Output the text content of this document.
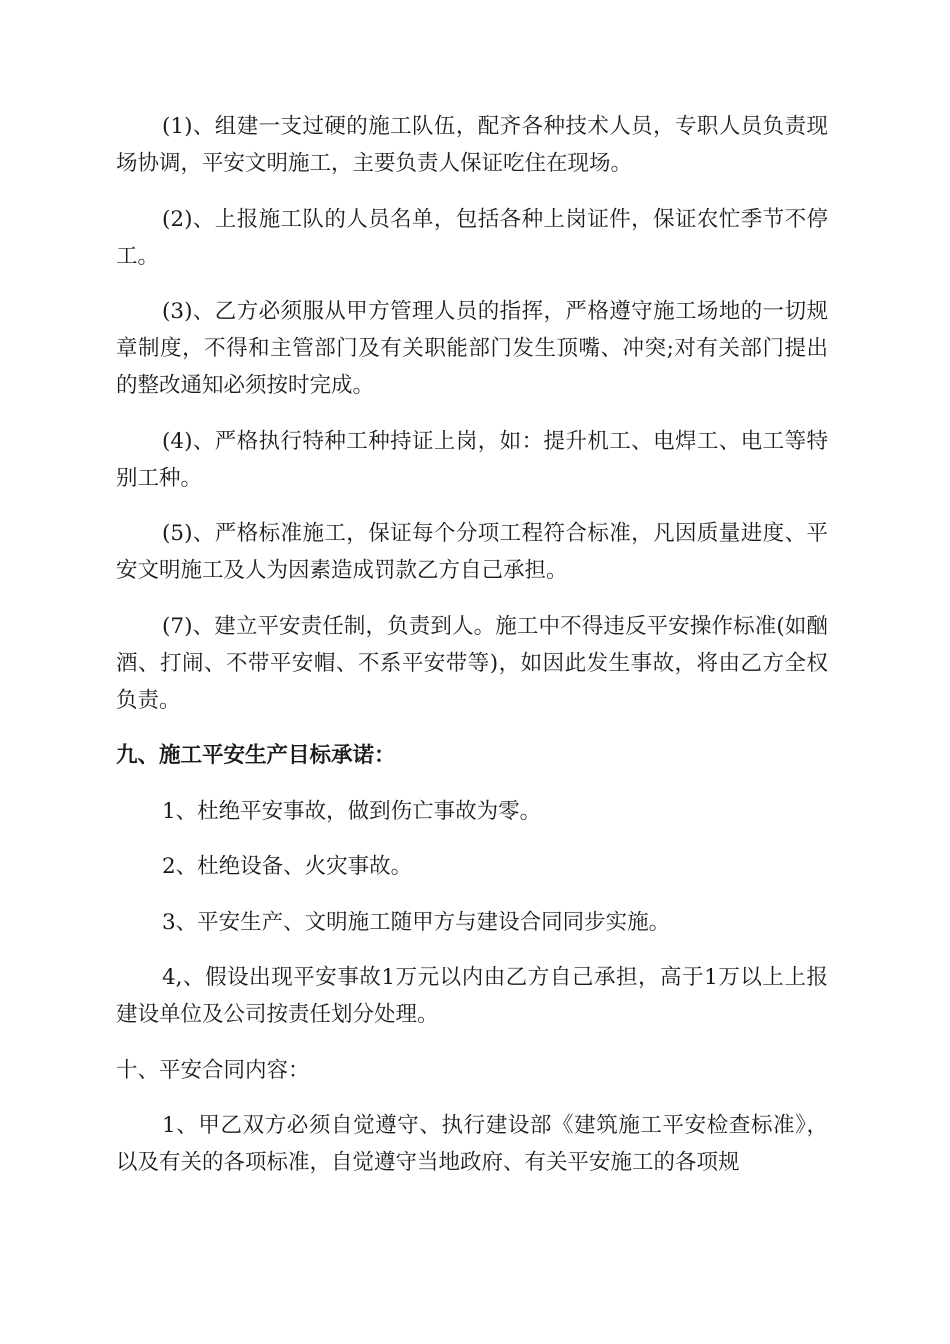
(1)、组建一支过硬的施工队伍，配齐各种技术人员，专职人员负责现场协调，平安文明施工，主要负责人保证吃住在现场。

(2)、上报施工队的人员名单，包括各种上岗证件，保证农忙季节不停工。

(3)、乙方必须服从甲方管理人员的指挥，严格遵守施工场地的一切规章制度，不得和主管部门及有关职能部门发生顶嘴、冲突;对有关部门提出的整改通知必须按时完成。

(4)、严格执行特种工种持证上岗，如：提升机工、电焊工、电工等特别工种。

(5)、严格标准施工，保证每个分项工程符合标准，凡因质量进度、平安文明施工及人为因素造成罚款乙方自己承担。

(7)、建立平安责任制，负责到人。施工中不得违反平安操作标准(如酗酒、打闹、不带平安帽、不系平安带等)，如因此发生事故，将由乙方全权负责。

九、施工平安生产目标承诺：

1、杜绝平安事故，做到伤亡事故为零。

2、杜绝设备、火灾事故。

3、平安生产、文明施工随甲方与建设合同同步实施。

4,、假设出现平安事故1万元以内由乙方自己承担，高于1万以上上报建设单位及公司按责任划分处理。

十、平安合同内容：

1、甲乙双方必须自觉遵守、执行建设部《建筑施工平安检查标准》，以及有关的各项标准，自觉遵守当地政府、有关平安施工的各项规
